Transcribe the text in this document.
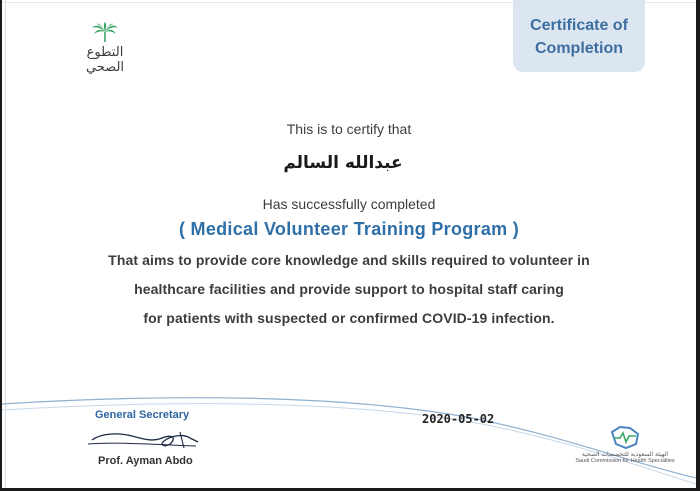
التطوع الصحي
Certificate of
Completion
This is to certify that
عبدالله السالم
Has successfully completed
( Medical Volunteer Training Program )
That aims to provide core knowledge and skills required to volunteer in
healthcare facilities and provide support to hospital staff caring
for patients with suspected or confirmed COVID-19 infection.
General Secretary
Prof. Ayman Abdo
2020-05-02
الهيئة السعودية للتخصصات الصحية
Saudi Commission for Health Specialties
